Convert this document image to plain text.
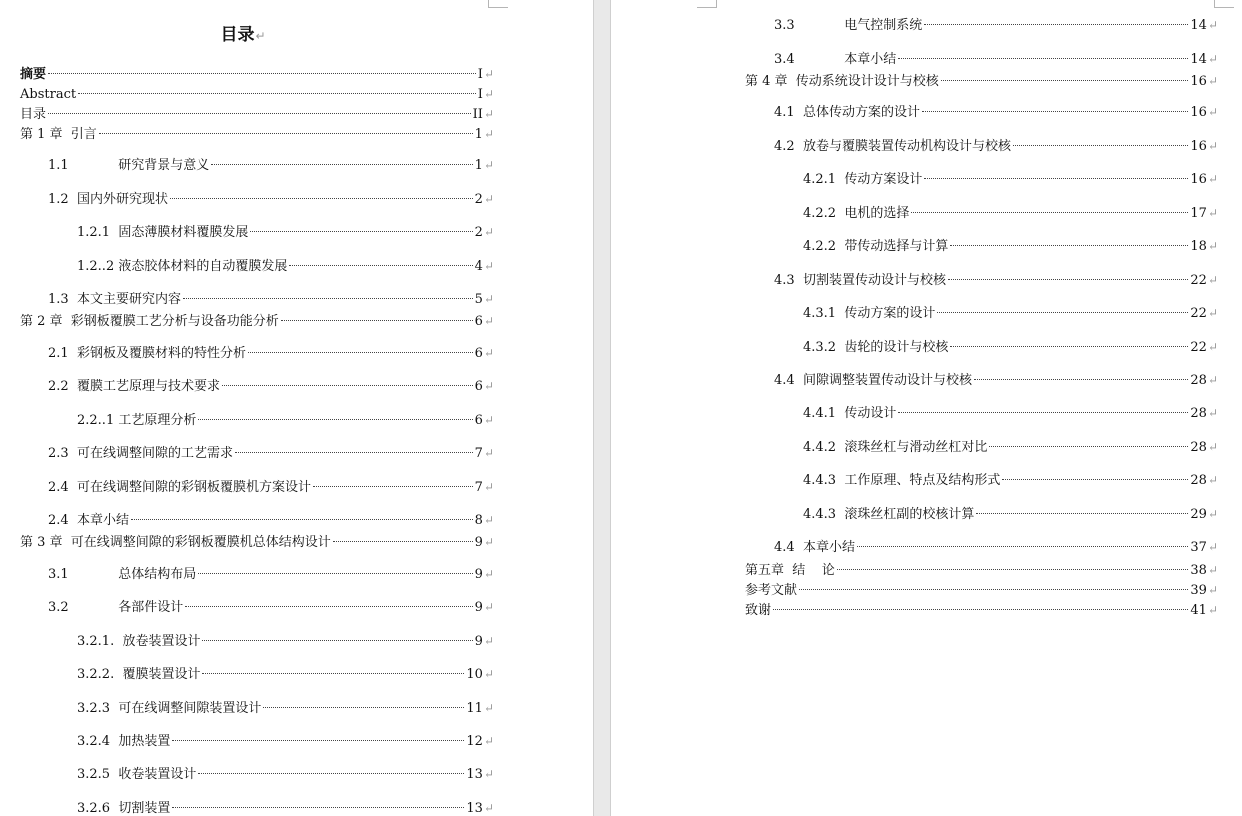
目录↵
摘要	I ↵
Abstract	I ↵
目录	II ↵
第 1 章  引言	1 ↵
1.1            研究背景与意义	1 ↵
1.2  国内外研究现状	2 ↵
1.2.1  固态薄膜材料覆膜发展	2 ↵
1.2..2 液态胶体材料的自动覆膜发展	4 ↵
1.3  本文主要研究内容	5 ↵
第 2 章  彩钢板覆膜工艺分析与设备功能分析	6 ↵
2.1  彩钢板及覆膜材料的特性分析	6 ↵
2.2  覆膜工艺原理与技术要求	6 ↵
2.2..1 工艺原理分析	6 ↵
2.3  可在线调整间隙的工艺需求	7 ↵
2.4  可在线调整间隙的彩钢板覆膜机方案设计	7 ↵
2.4  本章小结	8 ↵
第 3 章  可在线调整间隙的彩钢板覆膜机总体结构设计	9 ↵
3.1            总体结构布局	9 ↵
3.2            各部件设计	9 ↵
3.2.1.  放卷装置设计	9 ↵
3.2.2.  覆膜装置设计	10 ↵
3.2.3  可在线调整间隙装置设计	11 ↵
3.2.4  加热装置	12 ↵
3.2.5  收卷装置设计	13 ↵
3.2.6  切割装置	13 ↵
3.3            电气控制系统	14 ↵
3.4            本章小结	14 ↵
第 4 章  传动系统设计设计与校核	16 ↵
4.1  总体传动方案的设计	16 ↵
4.2  放卷与覆膜装置传动机构设计与校核	16 ↵
4.2.1  传动方案设计	16 ↵
4.2.2  电机的选择	17 ↵
4.2.2  带传动选择与计算	18 ↵
4.3  切割装置传动设计与校核	22 ↵
4.3.1  传动方案的设计	22 ↵
4.3.2  齿轮的设计与校核	22 ↵
4.4  间隙调整装置传动设计与校核	28 ↵
4.4.1  传动设计	28 ↵
4.4.2  滚珠丝杠与滑动丝杠对比	28 ↵
4.4.3  工作原理、特点及结构形式	28 ↵
4.4.3  滚珠丝杠副的校核计算	29 ↵
4.4  本章小结	37 ↵
第五章  结    论	38 ↵
参考文献	39 ↵
致谢	41 ↵
